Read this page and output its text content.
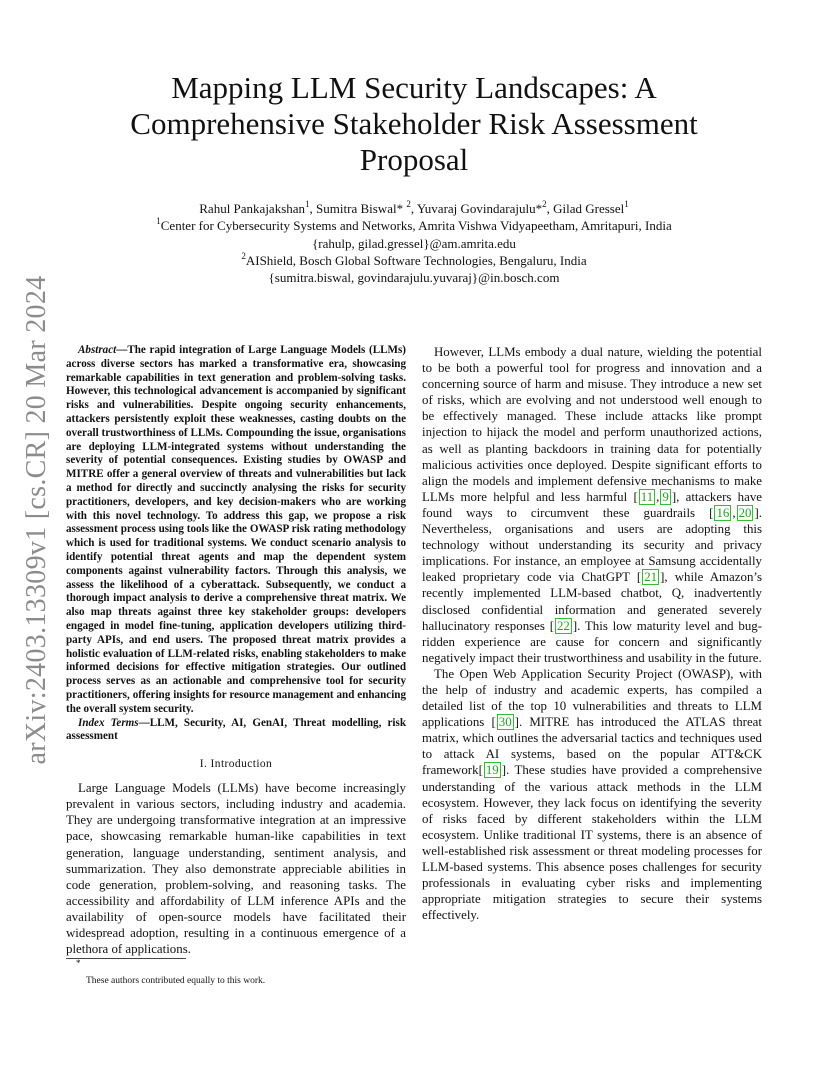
arXiv:2403.13309v1 [cs.CR] 20 Mar 2024
Mapping LLM Security Landscapes: A Comprehensive Stakeholder Risk Assessment Proposal
Rahul Pankajakshan$^1$, Sumitra Biswal* $^2$, Yuvaraj Govindarajulu*$^2$, Gilad Gressel$^1$
$^1$Center for Cybersecurity Systems and Networks, Amrita Vishwa Vidyapeetham, Amritapuri, India
{rahulp, gilad.gressel}@am.amrita.edu
$^2$AIShield, Bosch Global Software Technologies, Bengaluru, India
{sumitra.biswal, govindarajulu.yuvaraj}@in.bosch.com

Abstract—The rapid integration of Large Language Models (LLMs) across diverse sectors has marked a transformative era, showcasing remarkable capabilities in text generation and problem-solving tasks. However, this technological advancement is accompanied by significant risks and vulnerabilities. Despite ongoing security enhancements, attackers persistently exploit these weaknesses, casting doubts on the overall trustworthiness of LLMs. Compounding the issue, organisations are deploying LLM-integrated systems without understanding the severity of potential consequences. Existing studies by OWASP and MITRE offer a general overview of threats and vulnerabilities but lack a method for directly and succinctly analysing the risks for security practitioners, developers, and key decision-makers who are working with this novel technology. To address this gap, we propose a risk assessment process using tools like the OWASP risk rating methodology which is used for traditional systems. We conduct scenario analysis to identify potential threat agents and map the dependent system components against vulnerability factors. Through this analysis, we assess the likelihood of a cyberattack. Subsequently, we conduct a thorough impact analysis to derive a comprehensive threat matrix. We also map threats against three key stakeholder groups: developers engaged in model fine-tuning, application developers utilizing third-party APIs, and end users. The proposed threat matrix provides a holistic evaluation of LLM-related risks, enabling stakeholders to make informed decisions for effective mitigation strategies. Our outlined process serves as an actionable and comprehensive tool for security practitioners, offering insights for resource management and enhancing the overall system security.

Index Terms—LLM, Security, AI, GenAI, Threat modelling, risk assessment

I. Introduction

Large Language Models (LLMs) have become increasingly prevalent in various sectors, including industry and academia. They are undergoing transformative integration at an impressive pace, showcasing remarkable human-like capabilities in text generation, language understanding, sentiment analysis, and summarization. They also demonstrate appreciable abilities in code generation, problem-solving, and reasoning tasks. The accessibility and affordability of LLM inference APIs and the availability of open-source models have facilitated their widespread adoption, resulting in a continuous emergence of a plethora of applications.

However, LLMs embody a dual nature, wielding the potential to be both a powerful tool for progress and innovation and a concerning source of harm and misuse. They introduce a new set of risks, which are evolving and not understood well enough to be effectively managed. These include attacks like prompt injection to hijack the model and perform unauthorized actions, as well as planting backdoors in training data for potentially malicious activities once deployed. Despite significant efforts to align the models and implement defensive mechanisms to make LLMs more helpful and less harmful [ 11 , 9 ], attackers have found ways to circumvent these guardrails [ 16 , 20 ]. Nevertheless, organisations and users are adopting this technology without understanding its security and privacy implications. For instance, an employee at Samsung accidentally leaked proprietary code via ChatGPT [ 21 ], while Amazon’s recently implemented LLM-based chatbot, Q, inadvertently disclosed confidential information and generated severely hallucinatory responses [ 22 ]. This low maturity level and bug-ridden experience are cause for concern and significantly negatively impact their trustworthiness and usability in the future.

The Open Web Application Security Project (OWASP), with the help of industry and academic experts, has compiled a detailed list of the top 10 vulnerabilities and threats to LLM applications [ 30 ]. MITRE has introduced the ATLAS threat matrix, which outlines the adversarial tactics and techniques used to attack AI systems, based on the popular ATT&CK framework[ 19 ]. These studies have provided a comprehensive understanding of the various attack methods in the LLM ecosystem. However, they lack focus on identifying the severity of risks faced by different stakeholders within the LLM ecosystem. Unlike traditional IT systems, there is an absence of well-established risk assessment or threat modeling processes for LLM-based systems. This absence poses challenges for security professionals in evaluating cyber risks and implementing appropriate mitigation strategies to secure their systems effectively.

*
These authors contributed equally to this work.
